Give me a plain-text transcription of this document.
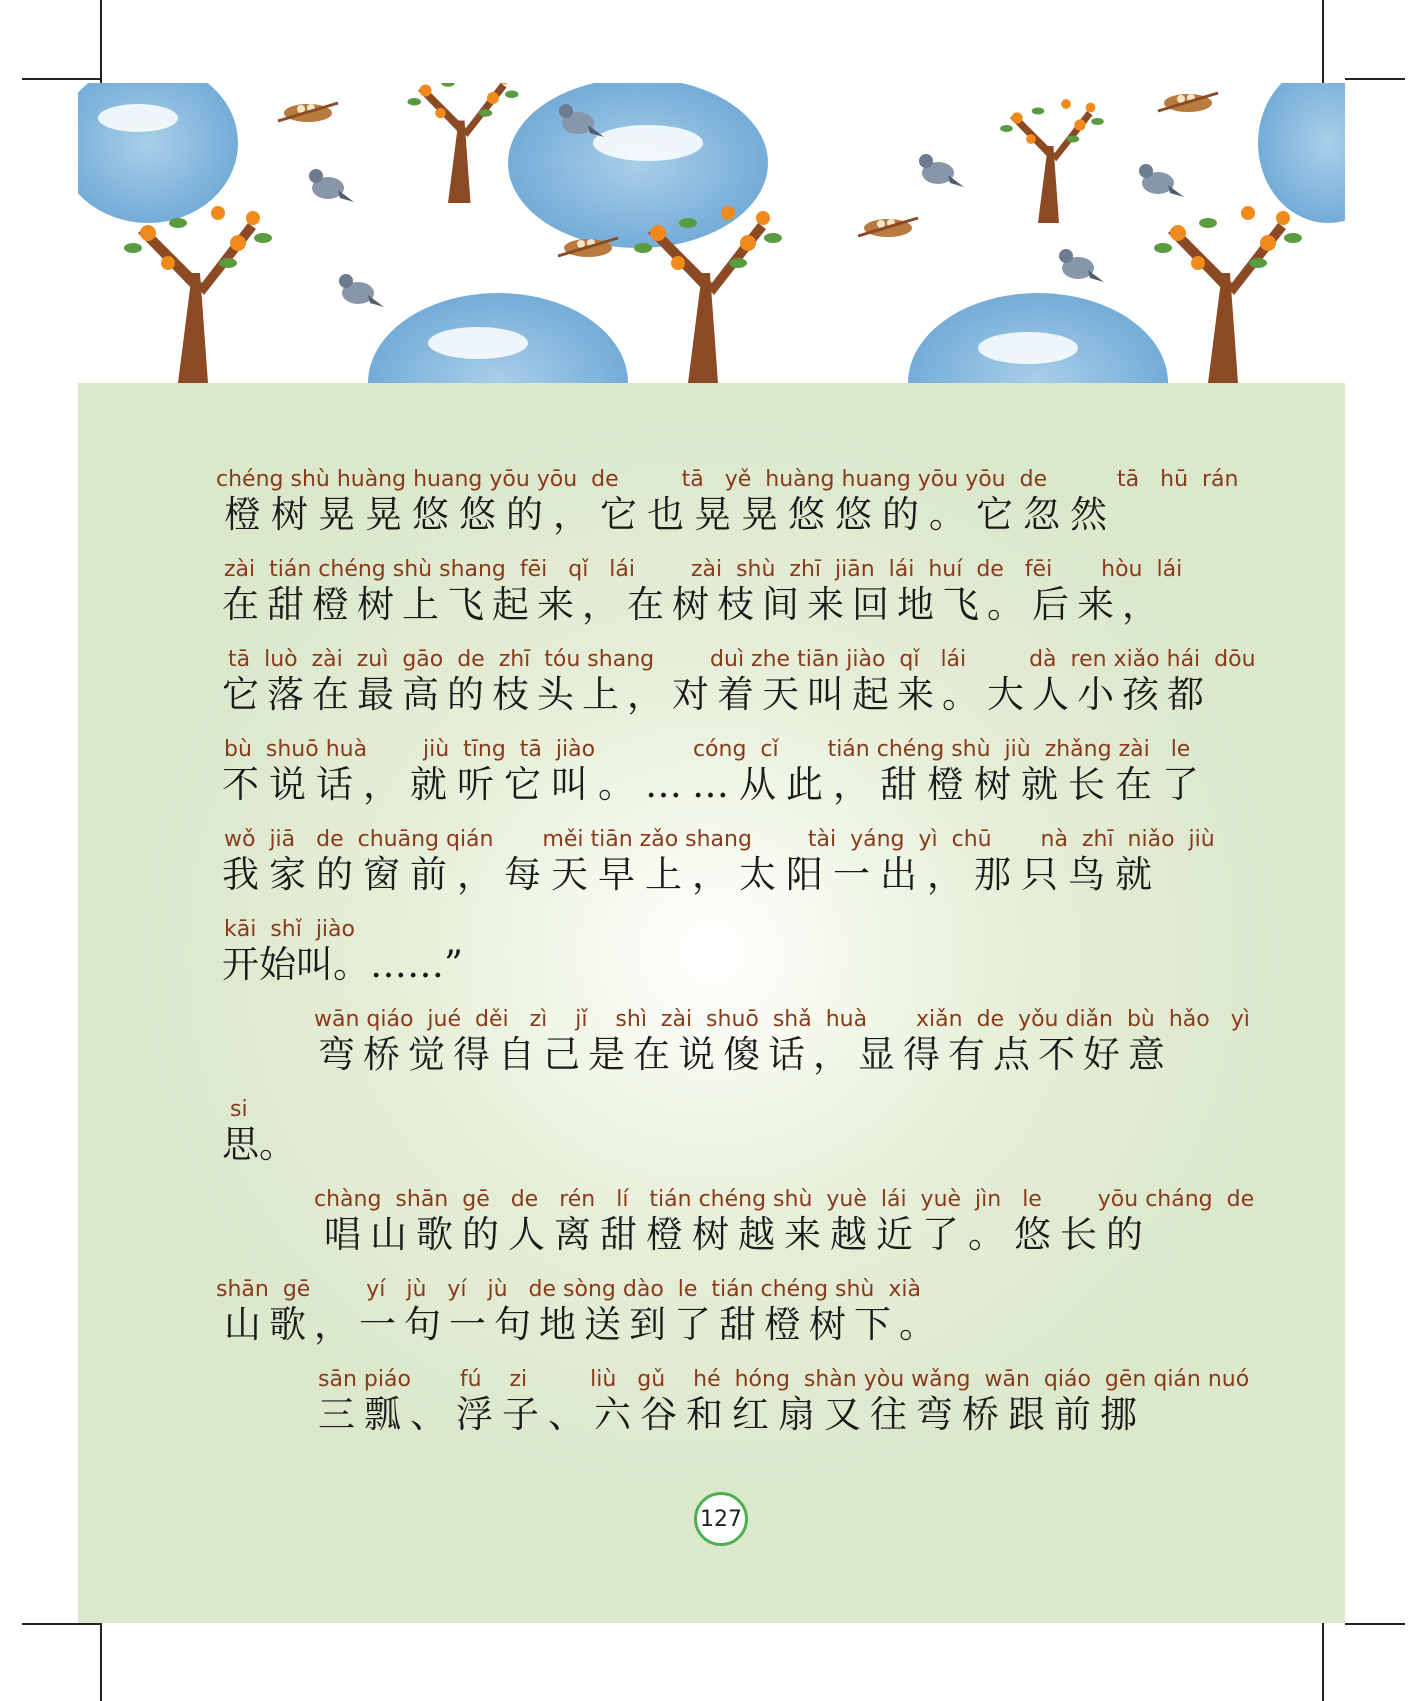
chéng shù huàng huang yōu yōu  de         tā   yě  huàng huang yōu yōu  de          tā   hū  rán
橙树晃晃悠悠的，它也晃晃悠悠的。它忽然
zài  tián chéng shù shang  fēi   qǐ   lái        zài  shù  zhī  jiān  lái  huí  de   fēi       hòu  lái
在甜橙树上飞起来，在树枝间来回地飞。后来，
tā  luò  zài  zuì  gāo  de  zhī  tóu shang        duì zhe tiān jiào  qǐ   lái         dà  ren xiǎo hái  dōu
它落在最高的枝头上，对着天叫起来。大人小孩都
bù  shuō huà        jiù  tīng  tā  jiào              cóng  cǐ       tián chéng shù  jiù  zhǎng zài   le
不说话，就听它叫。……从此，甜橙树就长在了
wǒ  jiā   de  chuāng qián       měi tiān zǎo shang        tài  yáng  yì  chū       nà  zhī  niǎo  jiù
我家的窗前，每天早上，太阳一出，那只鸟就
kāi  shǐ  jiào
开始叫。……”
wān qiáo  jué  děi   zì    jǐ    shì  zài  shuō  shǎ  huà       xiǎn  de  yǒu diǎn  bù  hǎo   yì
弯桥觉得自己是在说傻话，显得有点不好意
si
思。
chàng  shān  gē   de   rén   lí   tián chéng shù  yuè  lái  yuè  jìn   le        yōu cháng  de
唱山歌的人离甜橙树越来越近了。悠长的
shān  gē        yí   jù   yí   jù   de sòng dào  le  tián chéng shù  xià
山歌，一句一句地送到了甜橙树下。
sān piáo       fú    zi         liù   gǔ    hé  hóng  shàn yòu wǎng  wān  qiáo  gēn qián nuó
三瓢、浮子、六谷和红扇又往弯桥跟前挪
127
